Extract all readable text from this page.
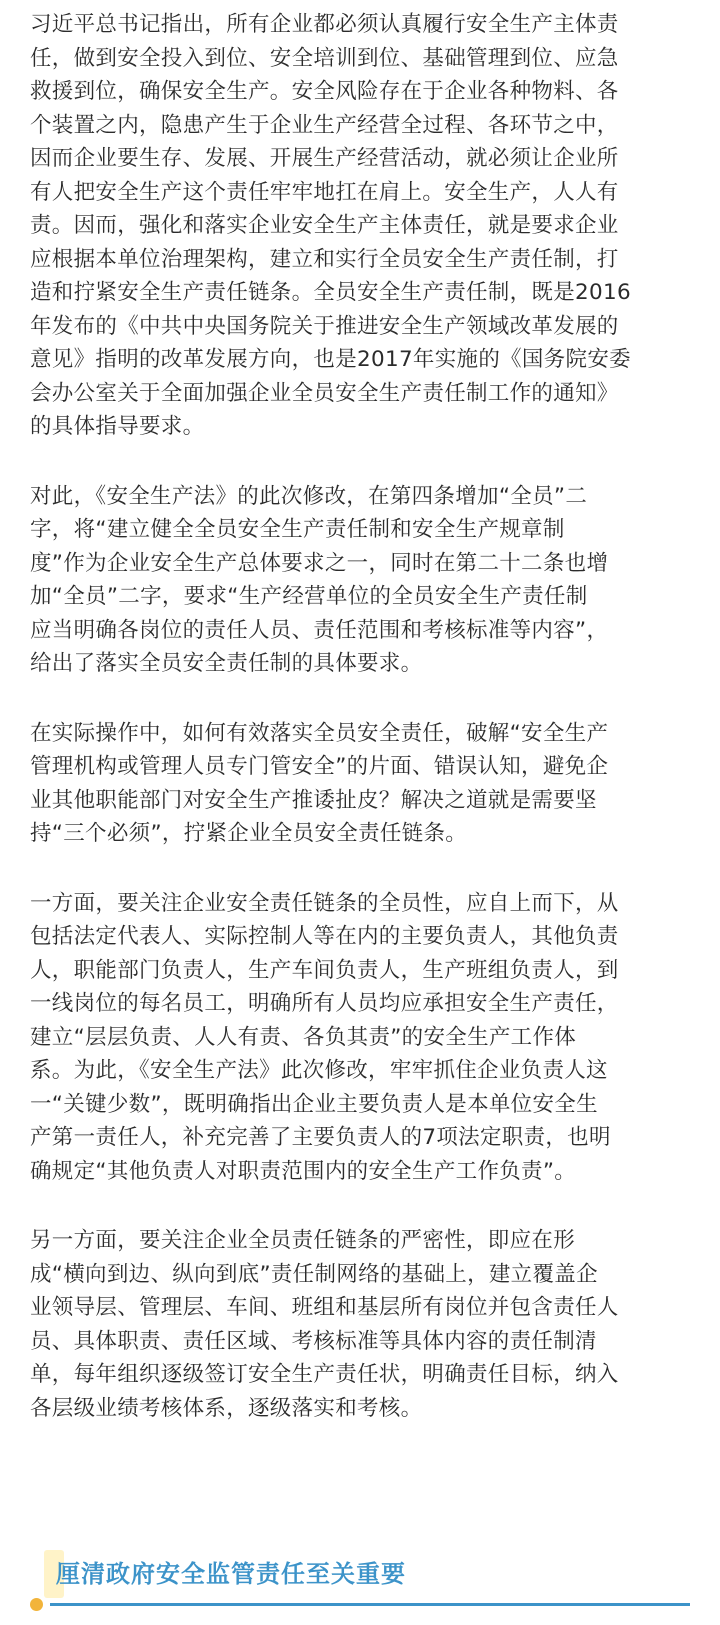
习近平总书记指出，所有企业都必须认真履行安全生产主体责
任，做到安全投入到位、安全培训到位、基础管理到位、应急
救援到位，确保安全生产。安全风险存在于企业各种物料、各
个装置之内，隐患产生于企业生产经营全过程、各环节之中，
因而企业要生存、发展、开展生产经营活动，就必须让企业所
有人把安全生产这个责任牢牢地扛在肩上。安全生产，人人有
责。因而，强化和落实企业安全生产主体责任，就是要求企业
应根据本单位治理架构，建立和实行全员安全生产责任制，打
造和拧紧安全生产责任链条。全员安全生产责任制，既是2016
年发布的《中共中央国务院关于推进安全生产领域改革发展的
意见》指明的改革发展方向，也是2017年实施的《国务院安委
会办公室关于全面加强企业全员安全生产责任制工作的通知》
的具体指导要求。

对此，《安全生产法》的此次修改，在第四条增加“全员”二
字，将“建立健全全员安全生产责任制和安全生产规章制
度”作为企业安全生产总体要求之一，同时在第二十二条也增
加“全员”二字，要求“生产经营单位的全员安全生产责任制
应当明确各岗位的责任人员、责任范围和考核标准等内容”，
给出了落实全员安全责任制的具体要求。

在实际操作中，如何有效落实全员安全责任，破解“安全生产
管理机构或管理人员专门管安全”的片面、错误认知，避免企
业其他职能部门对安全生产推诿扯皮？解决之道就是需要坚
持“三个必须”，拧紧企业全员安全责任链条。

一方面，要关注企业安全责任链条的全员性，应自上而下，从
包括法定代表人、实际控制人等在内的主要负责人，其他负责
人，职能部门负责人，生产车间负责人，生产班组负责人，到
一线岗位的每名员工，明确所有人员均应承担安全生产责任，
建立“层层负责、人人有责、各负其责”的安全生产工作体
系。为此，《安全生产法》此次修改，牢牢抓住企业负责人这
一“关键少数”，既明确指出企业主要负责人是本单位安全生
产第一责任人，补充完善了主要负责人的7项法定职责，也明
确规定“其他负责人对职责范围内的安全生产工作负责”。

另一方面，要关注企业全员责任链条的严密性，即应在形
成“横向到边、纵向到底”责任制网络的基础上，建立覆盖企
业领导层、管理层、车间、班组和基层所有岗位并包含责任人
员、具体职责、责任区域、考核标准等具体内容的责任制清
单，每年组织逐级签订安全生产责任状，明确责任目标，纳入
各层级业绩考核体系，逐级落实和考核。

厘清政府安全监管责任至关重要
